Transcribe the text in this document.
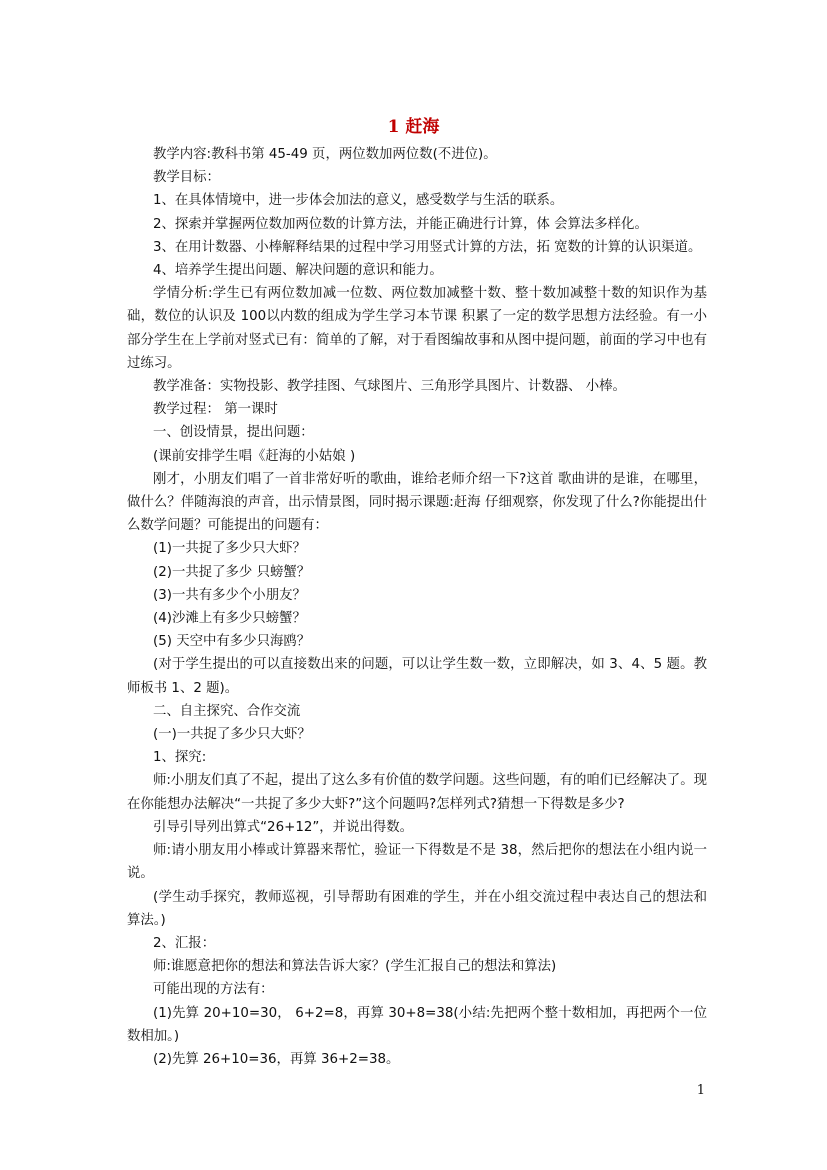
1 赶海

教学内容:教科书第 45-49 页，两位数加两位数(不进位)。

教学目标：

1、在具体情境中，进一步体会加法的意义，感受数学与生活的联系。

2、探索并掌握两位数加两位数的计算方法，并能正确进行计算，体 会算法多样化。

3、在用计数器、小棒解释结果的过程中学习用竖式计算的方法，拓 宽数的计算的认识渠道。

4、培养学生提出问题、解决问题的意识和能力。

学情分析:学生已有两位数加减一位数、两位数加减整十数、整十数加减整十数的知识作为基础，数位的认识及 100以内数的组成为学生学习本节课 积累了一定的数学思想方法经验。有一小部分学生在上学前对竖式已有：简单的了解，对于看图编故事和从图中提问题，前面的学习中也有过练习。

教学准备：实物投影、教学挂图、气球图片、三角形学具图片、计数器、 小棒。

教学过程： 第一课时

一、创设情景，提出问题：

(课前安排学生唱《赶海的小姑娘 )

刚才，小朋友们唱了一首非常好听的歌曲，谁给老师介绍一下?这首 歌曲讲的是谁，在哪里，做什么？伴随海浪的声音，出示情景图，同时揭示课题:赶海 仔细观察，你发现了什么?你能提出什么数学问题？可能提出的问题有：

(1)一共捉了多少只大虾？

(2)一共捉了多少 只螃蟹？

(3)一共有多少个小朋友？

(4)沙滩上有多少只螃蟹？

(5) 天空中有多少只海鸥？

(对于学生提出的可以直接数出来的问题，可以让学生数一数，立即解决，如 3、4、5 题。教师板书 1、2 题)。

二、自主探究、合作交流

(一)一共捉了多少只大虾？

1、探究:

师:小朋友们真了不起，提出了这么多有价值的数学问题。这些问题，有的咱们已经解决了。现在你能想办法解决“一共捉了多少大虾?”这个问题吗?怎样列式?猜想一下得数是多少?

引导引导列出算式“26+12”，并说出得数。

师:请小朋友用小棒或计算器来帮忙，验证一下得数是不是 38，然后把你的想法在小组内说一说。

(学生动手探究，教师巡视，引导帮助有困难的学生，并在小组交流过程中表达自己的想法和算法。)

2、汇报：

师:谁愿意把你的想法和算法告诉大家？(学生汇报自己的想法和算法)

可能出现的方法有：

(1)先算 20+10=30， 6+2=8，再算 30+8=38(小结:先把两个整十数相加，再把两个一位数相加。)

(2)先算 26+10=36，再算 36+2=38。

1
